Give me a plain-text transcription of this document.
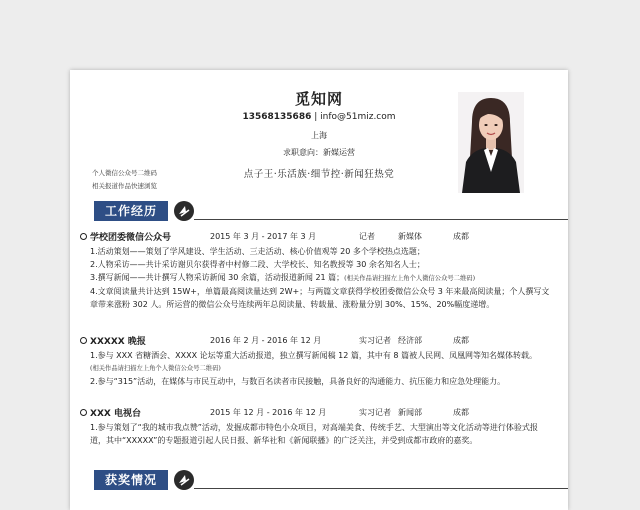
觅知网
13568135686 | info@51miz.com
上海
求职意向：新媒运营
个人微信公众号二维码
相关报道作品快速浏览
点子王·乐活族·细节控·新闻狂热党
工作经历
学校团委微信公众号	2015 年 3 月 - 2017 年 3 月	记者	新媒体	成都

1.活动策划——策划了学风建设、学生活动、三走活动、核心价值观等 20 多个学校热点选题；

2.人物采访——共计采访谢贝尔获得者中村修二段、大学校长、知名教授等 30 余名知名人士；

3.撰写新闻——共计撰写人物采访新闻 30 余篇，活动报道新闻 21 篇；(相关作品请扫描左上角个人微信公众号二维码)

4.文章阅读量共计达到 15W+，单篇最高阅读量达到 2W+；与两篇文章获得学校团委微信公众号 3 年来最高阅读量；个人撰写文章带来涨粉 302 人。所运营的微信公众号连续两年总阅读量、转载量、涨粉量分别 30%、15%、20%幅度递增。

XXXXX 晚报	2016 年 2 月 - 2016 年 12 月	实习记者 经济部	成都

1.参与 XXX 省糖酒会、XXXX 论坛等重大活动报道，独立撰写新闻稿 12 篇，其中有 8 篇被人民网、凤凰网等知名媒体转载。

(相关作品请扫描左上角个人微信公众号二维码)

2.参与“315”活动，在媒体与市民互动中，与数百名读者市民接触，具备良好的沟通能力、抗压能力和应急处理能力。

XXX 电视台	2015 年 12 月 - 2016 年 12 月	实习记者 新闻部	成都

1.参与策划了“我的城市我点赞”活动，发掘成都市特色小众项目，对高端美食、传统手艺、大型演出等文化活动等进行体验式报道，其中“XXXXX”的专题报道引起人民日报、新华社和《新闻联播》的广泛关注，并受到成都市政府的嘉奖。

获奖情况
